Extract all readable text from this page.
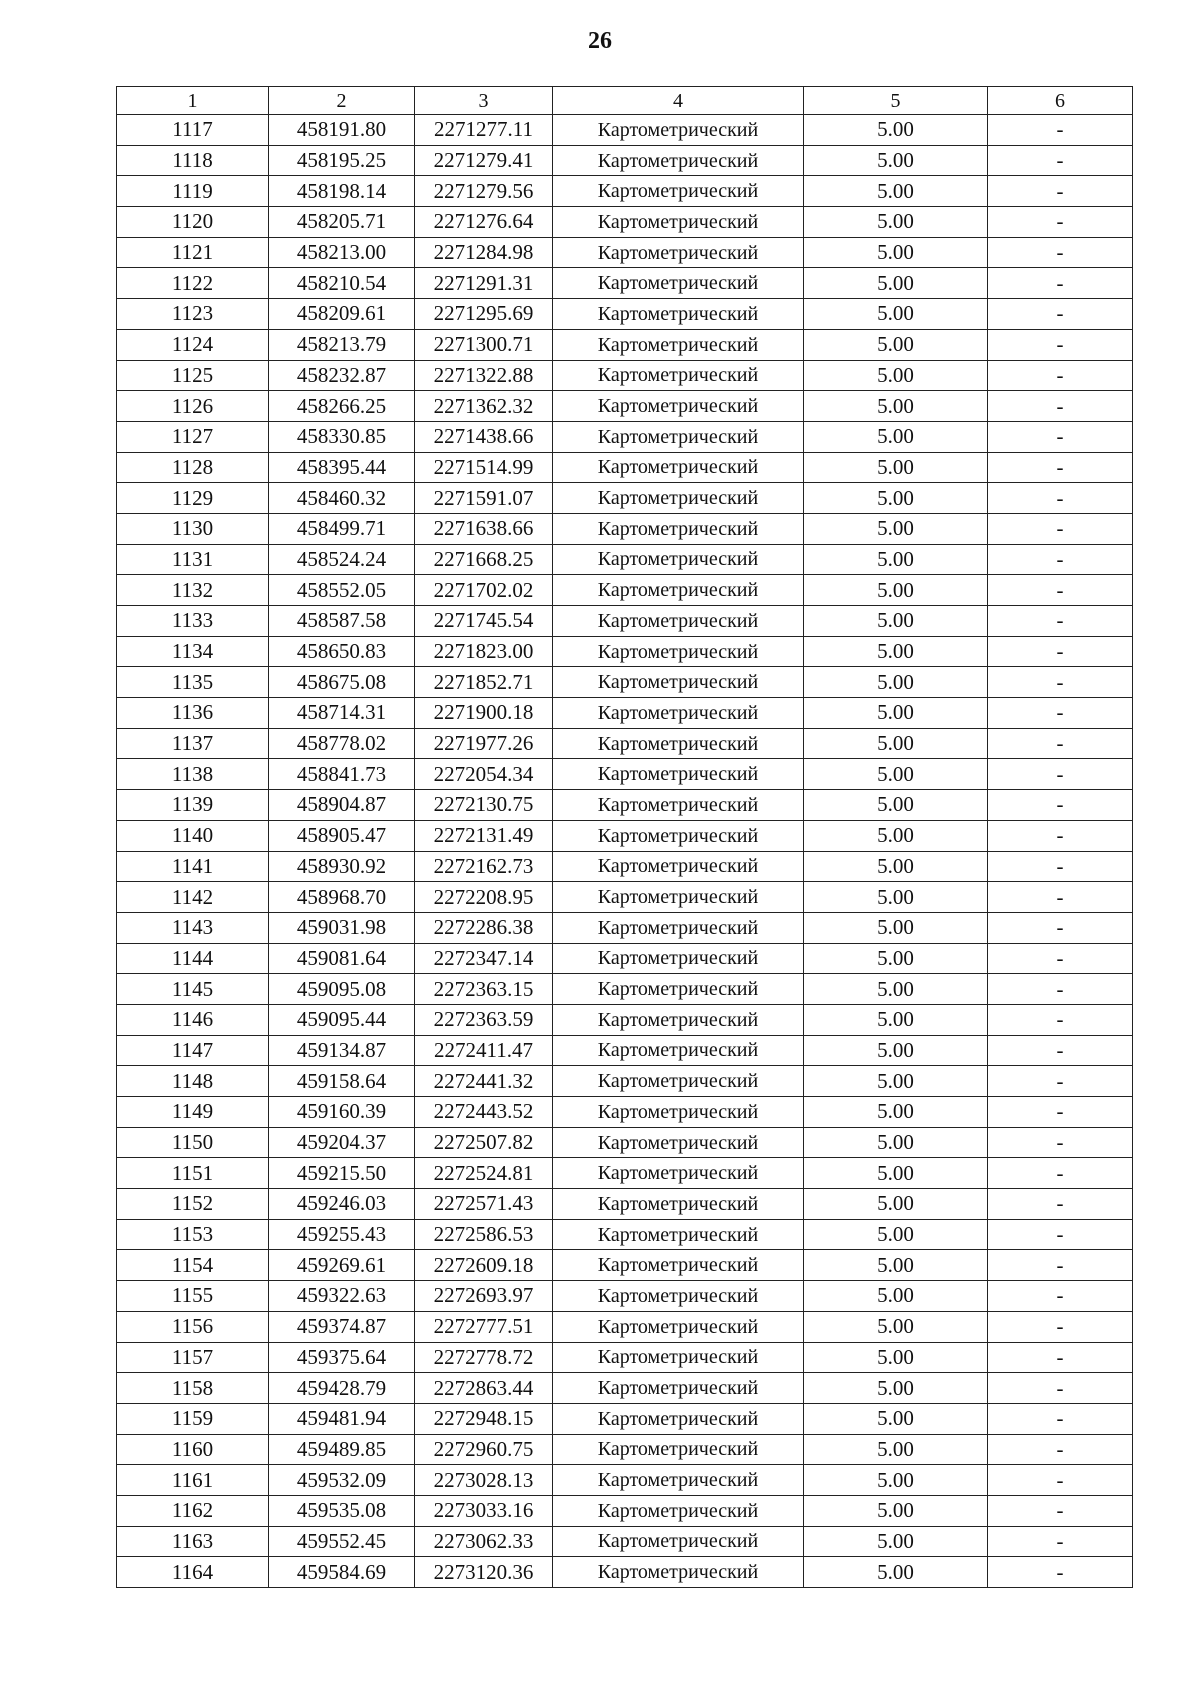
26
1	2	3	4	5	6
1117	458191.80	2271277.11	Картометрический	5.00	-
1118	458195.25	2271279.41	Картометрический	5.00	-
1119	458198.14	2271279.56	Картометрический	5.00	-
1120	458205.71	2271276.64	Картометрический	5.00	-
1121	458213.00	2271284.98	Картометрический	5.00	-
1122	458210.54	2271291.31	Картометрический	5.00	-
1123	458209.61	2271295.69	Картометрический	5.00	-
1124	458213.79	2271300.71	Картометрический	5.00	-
1125	458232.87	2271322.88	Картометрический	5.00	-
1126	458266.25	2271362.32	Картометрический	5.00	-
1127	458330.85	2271438.66	Картометрический	5.00	-
1128	458395.44	2271514.99	Картометрический	5.00	-
1129	458460.32	2271591.07	Картометрический	5.00	-
1130	458499.71	2271638.66	Картометрический	5.00	-
1131	458524.24	2271668.25	Картометрический	5.00	-
1132	458552.05	2271702.02	Картометрический	5.00	-
1133	458587.58	2271745.54	Картометрический	5.00	-
1134	458650.83	2271823.00	Картометрический	5.00	-
1135	458675.08	2271852.71	Картометрический	5.00	-
1136	458714.31	2271900.18	Картометрический	5.00	-
1137	458778.02	2271977.26	Картометрический	5.00	-
1138	458841.73	2272054.34	Картометрический	5.00	-
1139	458904.87	2272130.75	Картометрический	5.00	-
1140	458905.47	2272131.49	Картометрический	5.00	-
1141	458930.92	2272162.73	Картометрический	5.00	-
1142	458968.70	2272208.95	Картометрический	5.00	-
1143	459031.98	2272286.38	Картометрический	5.00	-
1144	459081.64	2272347.14	Картометрический	5.00	-
1145	459095.08	2272363.15	Картометрический	5.00	-
1146	459095.44	2272363.59	Картометрический	5.00	-
1147	459134.87	2272411.47	Картометрический	5.00	-
1148	459158.64	2272441.32	Картометрический	5.00	-
1149	459160.39	2272443.52	Картометрический	5.00	-
1150	459204.37	2272507.82	Картометрический	5.00	-
1151	459215.50	2272524.81	Картометрический	5.00	-
1152	459246.03	2272571.43	Картометрический	5.00	-
1153	459255.43	2272586.53	Картометрический	5.00	-
1154	459269.61	2272609.18	Картометрический	5.00	-
1155	459322.63	2272693.97	Картометрический	5.00	-
1156	459374.87	2272777.51	Картометрический	5.00	-
1157	459375.64	2272778.72	Картометрический	5.00	-
1158	459428.79	2272863.44	Картометрический	5.00	-
1159	459481.94	2272948.15	Картометрический	5.00	-
1160	459489.85	2272960.75	Картометрический	5.00	-
1161	459532.09	2273028.13	Картометрический	5.00	-
1162	459535.08	2273033.16	Картометрический	5.00	-
1163	459552.45	2273062.33	Картометрический	5.00	-
1164	459584.69	2273120.36	Картометрический	5.00	-
